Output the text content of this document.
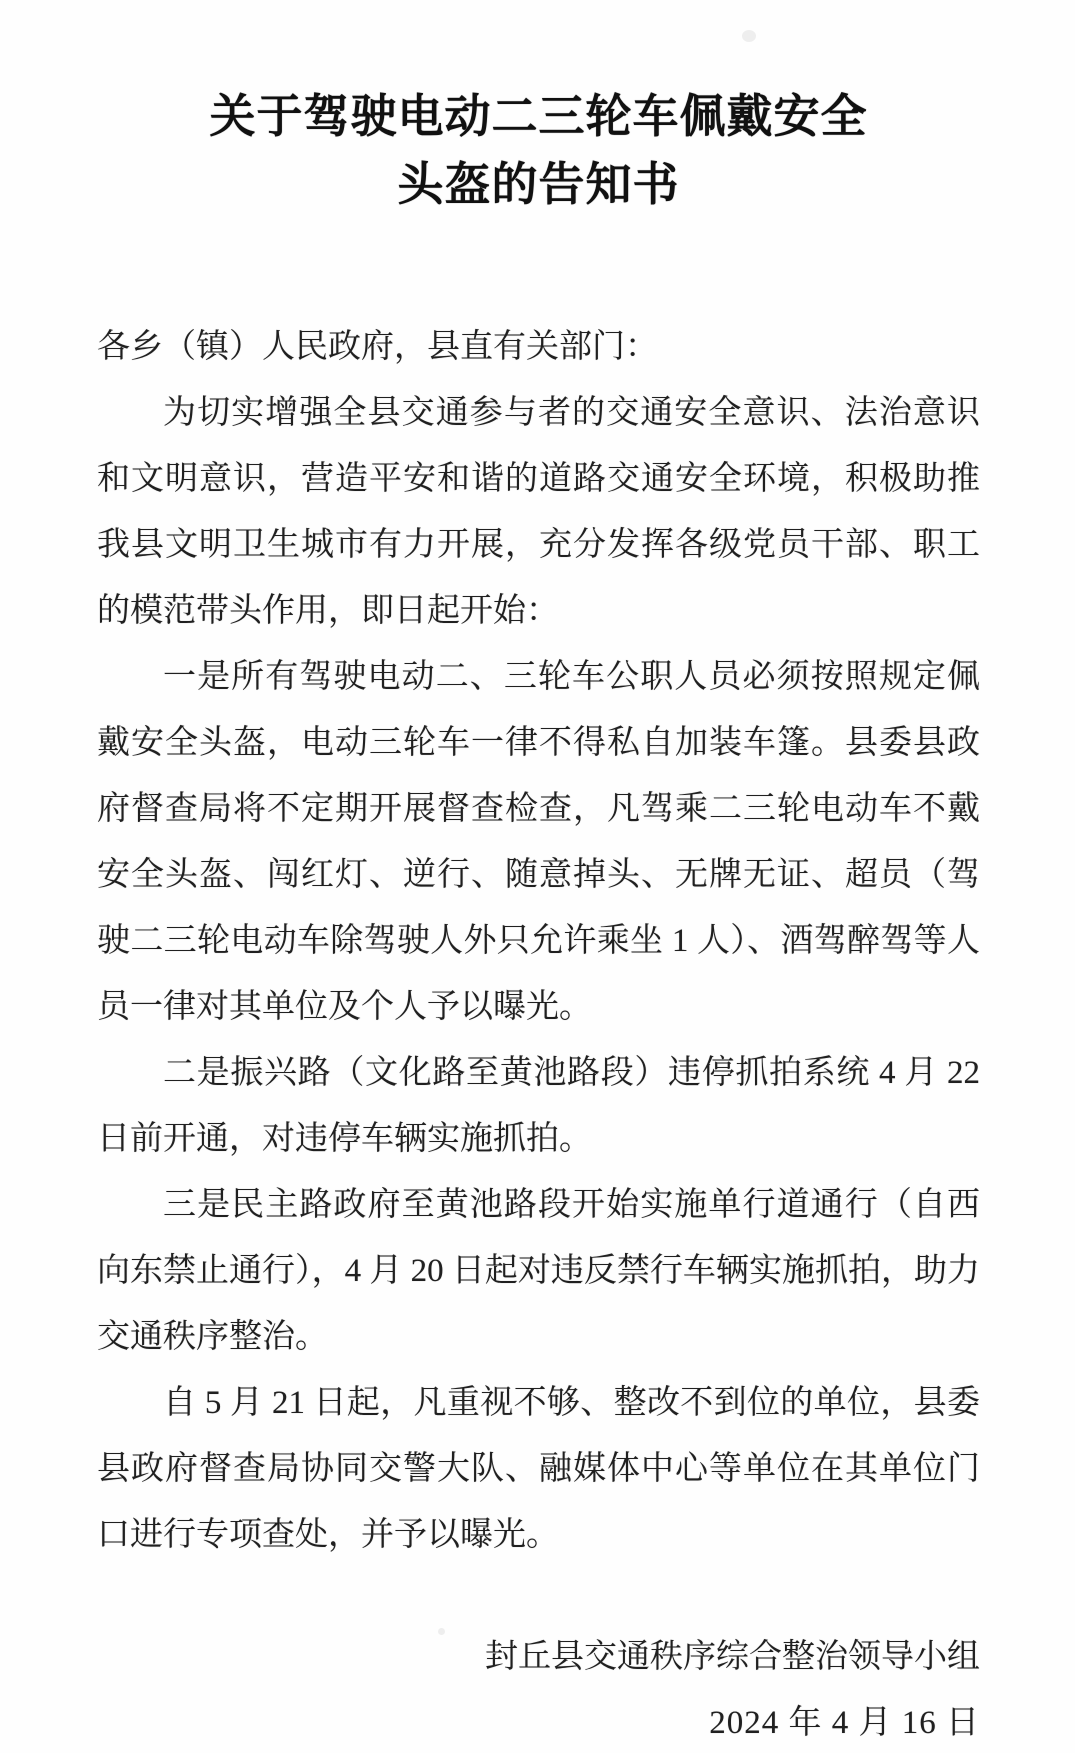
关于驾驶电动二三轮车佩戴安全
头盔的告知书

各乡（镇）人民政府，县直有关部门：

为切实增强全县交通参与者的交通安全意识、法治意识和文明意识，营造平安和谐的道路交通安全环境，积极助推我县文明卫生城市有力开展，充分发挥各级党员干部、职工的模范带头作用，即日起开始：

一是所有驾驶电动二、三轮车公职人员必须按照规定佩戴安全头盔，电动三轮车一律不得私自加装车篷。县委县政府督查局将不定期开展督查检查，凡驾乘二三轮电动车不戴安全头盔、闯红灯、逆行、随意掉头、无牌无证、超员（驾驶二三轮电动车除驾驶人外只允许乘坐 1 人）、酒驾醉驾等人员一律对其单位及个人予以曝光。

二是振兴路（文化路至黄池路段）违停抓拍系统 4 月 22 日前开通，对违停车辆实施抓拍。

三是民主路政府至黄池路段开始实施单行道通行（自西向东禁止通行），4 月 20 日起对违反禁行车辆实施抓拍，助力交通秩序整治。

自 5 月 21 日起，凡重视不够、整改不到位的单位，县委县政府督查局协同交警大队、融媒体中心等单位在其单位门口进行专项查处，并予以曝光。

封丘县交通秩序综合整治领导小组
2024 年 4 月 16 日
